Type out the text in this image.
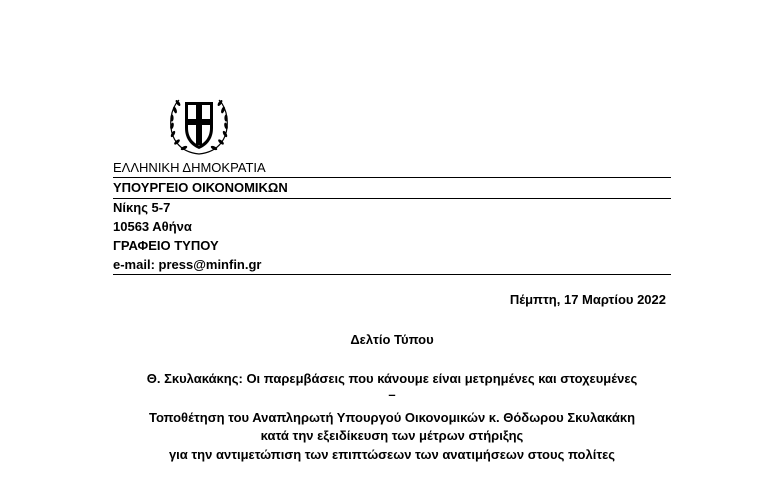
ΕΛΛΗΝΙΚΗ ΔΗΜΟΚΡΑΤΙΑ
ΥΠΟΥΡΓΕΙΟ ΟΙΚΟΝΟΜΙΚΩΝ
Νίκης 5-7
10563 Αθήνα
ΓΡΑΦΕΙΟ ΤΥΠΟΥ
e-mail: press@minfin.gr
Πέμπτη, 17 Μαρτίου 2022
Δελτίο Τύπου
Θ. Σκυλακάκης: Οι παρεμβάσεις που κάνουμε είναι μετρημένες και στοχευμένες
–
Τοποθέτηση του Αναπληρωτή Υπουργού Οικονομικών κ. Θόδωρου Σκυλακάκη
κατά την εξειδίκευση των μέτρων στήριξης
για την αντιμετώπιση των επιπτώσεων των ανατιμήσεων στους πολίτες
